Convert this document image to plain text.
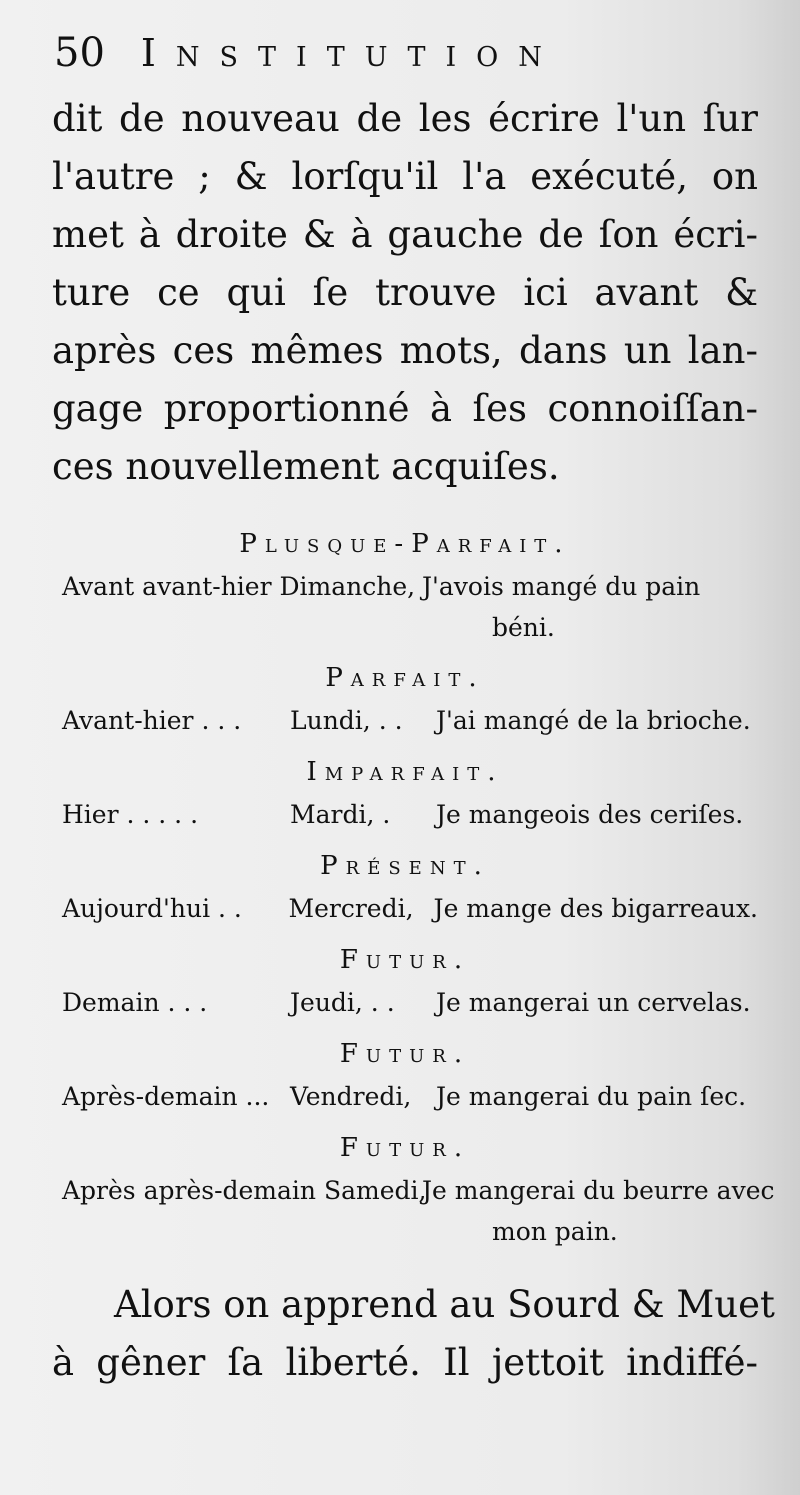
50 Institution

dit de nouveau de les écrire l'un ſur
l'autre ; & lorſqu'il l'a exécuté, on
met à droite & à gauche de ſon écri-
ture ce qui ſe trouve ici avant &
après ces mêmes mots, dans un lan-
gage proportionné à ſes connoiſſan-
ces nouvellement acquiſes.

Plusque-Parfait.
Avant avant-hier Dimanche, J'avois mangé du pain
béni.
Parfait.
Avant-hier . . .	Lundi, . .	J'ai mangé de la brioche.
Imparfait.
Hier . . . . .	Mardi, .	Je mangeois des ceriſes.
Présent.
Aujourd'hui . .	Mercredi, Je mange des bigarreaux.
Futur.
Demain . . .	Jeudi, . .	Je mangerai un cervelas.
Futur.
Après-demain ... Vendredi, Je mangerai du pain ſec.
Futur.
Après après-demain Samedi,
Je mangerai du beurre avec
mon pain.
Alors on apprend au Sourd & Muet
à gêner ſa liberté. Il jettoit indiffé-
